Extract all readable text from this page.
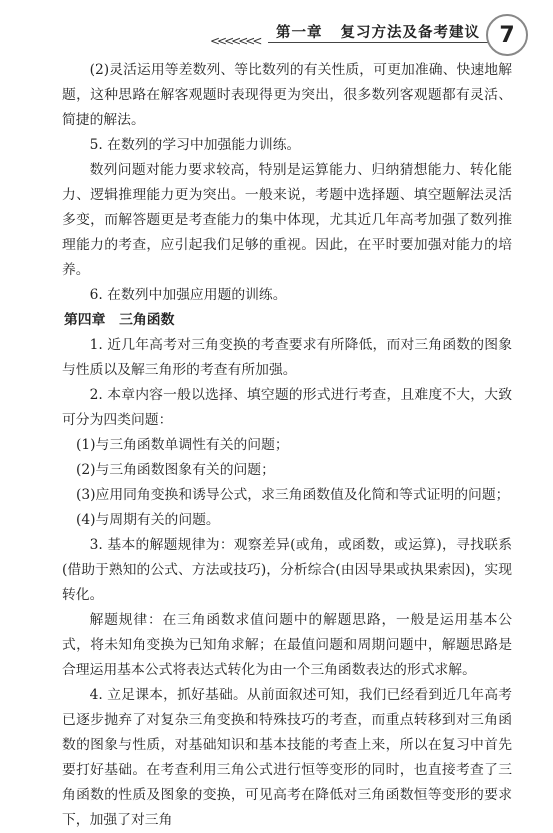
<<<<<<< 第一章 复习方法及备考建议 7

(2)灵活运用等差数列、等比数列的有关性质，可更加准确、快速地解题，这种思路在解客观题时表现得更为突出，很多数列客观题都有灵活、简捷的解法。

5. 在数列的学习中加强能力训练。

数列问题对能力要求较高，特别是运算能力、归纳猜想能力、转化能力、逻辑推理能力更为突出。一般来说，考题中选择题、填空题解法灵活多变，而解答题更是考查能力的集中体现，尤其近几年高考加强了数列推理能力的考查，应引起我们足够的重视。因此，在平时要加强对能力的培养。

6. 在数列中加强应用题的训练。

第四章　三角函数

1. 近几年高考对三角变换的考查要求有所降低，而对三角函数的图象与性质以及解三角形的考查有所加强。

2. 本章内容一般以选择、填空题的形式进行考查，且难度不大，大致可分为四类问题：

(1)与三角函数单调性有关的问题；

(2)与三角函数图象有关的问题；

(3)应用同角变换和诱导公式，求三角函数值及化简和等式证明的问题；

(4)与周期有关的问题。

3. 基本的解题规律为：观察差异(或角，或函数，或运算)，寻找联系(借助于熟知的公式、方法或技巧)，分析综合(由因导果或执果索因)，实现转化。

解题规律：在三角函数求值问题中的解题思路，一般是运用基本公式，将未知角变换为已知角求解；在最值问题和周期问题中，解题思路是合理运用基本公式将表达式转化为由一个三角函数表达的形式求解。

4. 立足课本，抓好基础。从前面叙述可知，我们已经看到近几年高考已逐步抛弃了对复杂三角变换和特殊技巧的考查，而重点转移到对三角函数的图象与性质，对基础知识和基本技能的考查上来，所以在复习中首先要打好基础。在考查利用三角公式进行恒等变形的同时，也直接考查了三角函数的性质及图象的变换，可见高考在降低对三角函数恒等变形的要求下，加强了对三角
